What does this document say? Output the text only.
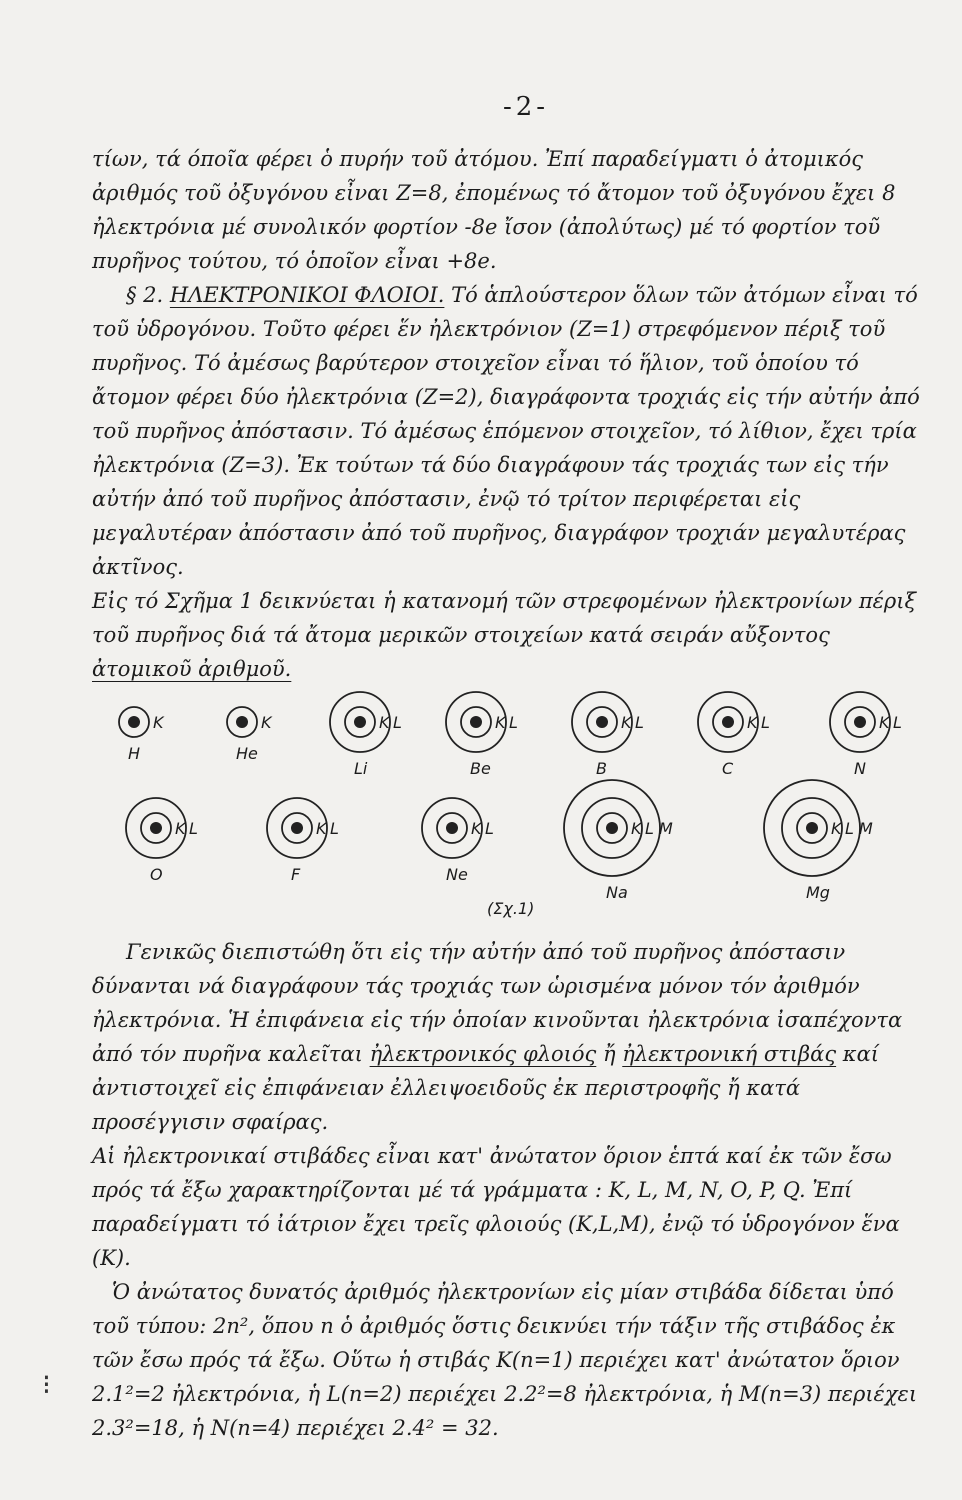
-2-

τίων, τά όποῖα φέρει ὁ πυρήν τοῦ ἀτόμου. Ἐπί παραδείγματι ὁ ἀτομικός ἀριθμός τοῦ ὀξυγόνου εἶναι Z=8, ἐπομένως τό ἄτομον τοῦ ὀξυγόνου ἔχει 8 ἠλεκτρόνια μέ συνολικόν φορτίον -8e ἴσον (ἀπολύτως) μέ τό φορτίον τοῦ πυρῆνος τούτου, τό ὁποῖον εἶναι +8e.

§ 2. ΗΛΕΚΤΡΟΝΙΚΟΙ ΦΛΟΙΟΙ. Τό ἁπλούστερον ὅλων τῶν ἀτόμων εἶναι τό τοῦ ὑδρογόνου. Τοῦτο φέρει ἕν ἠλεκτρόνιον (Z=1) στρεφόμενον πέριξ τοῦ πυρῆνος. Τό ἀμέσως βαρύτερον στοιχεῖον εἶναι τό ἥλιον, τοῦ ὁποίου τό ἄτομον φέρει δύο ἠλεκτρόνια (Z=2), διαγράφοντα τροχιάς εἰς τήν αὐτήν ἀπό τοῦ πυρῆνος ἀπόστασιν. Τό ἀμέσως ἑπόμενον στοιχεῖον, τό λίθιον, ἔχει τρία ἠλεκτρόνια (Z=3). Ἐκ τούτων τά δύο διαγράφουν τάς τροχιάς των εἰς τήν αὐτήν ἀπό τοῦ πυρῆνος ἀπόστασιν, ἐνῷ τό τρίτον περιφέρεται εἰς μεγαλυτέραν ἀπόστασιν ἀπό τοῦ πυρῆνος, διαγράφον τροχιάν μεγαλυτέρας ἀκτῖνος.

Εἰς τό Σχῆμα 1 δεικνύεται ἡ κατανομή τῶν στρεφομένων ἠλεκτρονίων πέριξ τοῦ πυρῆνος διά τά ἄτομα μερικῶν στοιχείων κατά σειράν αὔξοντος ἀτομικοῦ ἀριθμοῦ.

K
H
K
He
K L
Li
K L
Be
K L
B
K L
C
K L
N
K L
O
K L
F
K L
Ne
K L M
Na
K L M
Mg
(Σχ.1)

Γενικῶς διεπιστώθη ὅτι εἰς τήν αὐτήν ἀπό τοῦ πυρῆνος ἀπόστασιν δύνανται νά διαγράφουν τάς τροχιάς των ὡρισμένα μόνον τόν ἀριθμόν ἠλεκτρόνια. Ἡ ἐπιφάνεια εἰς τήν ὁποίαν κινοῦνται ἠλεκτρόνια ἰσαπέχοντα ἀπό τόν πυρῆνα καλεῖται ἠλεκτρονικός φλοιός ἤ ἠλεκτρονική στιβάς καί ἀντιστοιχεῖ εἰς ἐπιφάνειαν ἐλλειψοειδοῦς ἐκ περιστροφῆς ἤ κατά προσέγγισιν σφαίρας.

Αἱ ἠλεκτρονικαί στιβάδες εἶναι κατ' ἀνώτατον ὅριον ἑπτά καί ἐκ τῶν ἔσω πρός τά ἔξω χαρακτηρίζονται μέ τά γράμματα : K, L, M, N, O, P, Q. Ἐπί παραδείγματι τό ἰάτριον ἔχει τρεῖς φλοιούς (K,L,M), ἐνῷ τό ὑδρογόνον ἕνα (K).

Ὁ ἀνώτατος δυνατός ἀριθμός ἠλεκτρονίων εἰς μίαν στιβάδα δίδεται ὑπό τοῦ τύπου: 2n², ὅπου n ὁ ἀριθμός ὅστις δεικνύει τήν τάξιν τῆς στιβάδος ἐκ τῶν ἔσω πρός τά ἔξω. Οὕτω ἡ στιβάς K(n=1) περιέχει κατ' ἀνώτατον ὅριον 2.1²=2 ἠλεκτρόνια, ἡ L(n=2) περιέχει 2.2²=8 ἠλεκτρόνια, ἡ M(n=3) περιέχει 2.3²=18, ἡ N(n=4) περιέχει 2.4² = 32.

⁝
